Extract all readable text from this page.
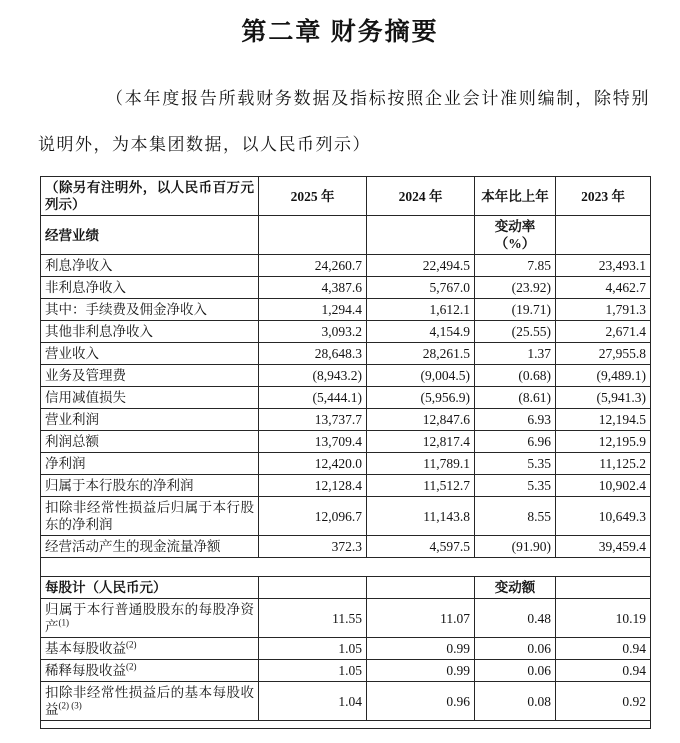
第二章 财务摘要

（本年度报告所载财务数据及指标按照企业会计准则编制，除特别说明外，为本集团数据，以人民币列示）

（除另有注明外，以人民币百万元列示）	2025 年	2024 年	本年比上年	2023 年
经营业绩			变动率（%）	
利息净收入	24,260.7	22,494.5	7.85	23,493.1
非利息净收入	4,387.6	5,767.0	(23.92)	4,462.7
其中：手续费及佣金净收入	1,294.4	1,612.1	(19.71)	1,791.3
其他非利息净收入	3,093.2	4,154.9	(25.55)	2,671.4
营业收入	28,648.3	28,261.5	1.37	27,955.8
业务及管理费	(8,943.2)	(9,004.5)	(0.68)	(9,489.1)
信用减值损失	(5,444.1)	(5,956.9)	(8.61)	(5,941.3)
营业利润	13,737.7	12,847.6	6.93	12,194.5
利润总额	13,709.4	12,817.4	6.96	12,195.9
净利润	12,420.0	11,789.1	5.35	11,125.2
归属于本行股东的净利润	12,128.4	11,512.7	5.35	10,902.4
扣除非经常性损益后归属于本行股东的净利润	12,096.7	11,143.8	8.55	10,649.3
经营活动产生的现金流量净额	372.3	4,597.5	(91.90)	39,459.4

每股计（人民币元）			变动额	
归属于本行普通股股东的每股净资产$^{(1)}$	11.55	11.07	0.48	10.19
基本每股收益$^{(2)}$	1.05	0.99	0.06	0.94
稀释每股收益$^{(2)}$	1.05	0.99	0.06	0.94
扣除非经常性损益后的基本每股收益$^{(2) (3)}$	1.04	0.96	0.08	0.92
